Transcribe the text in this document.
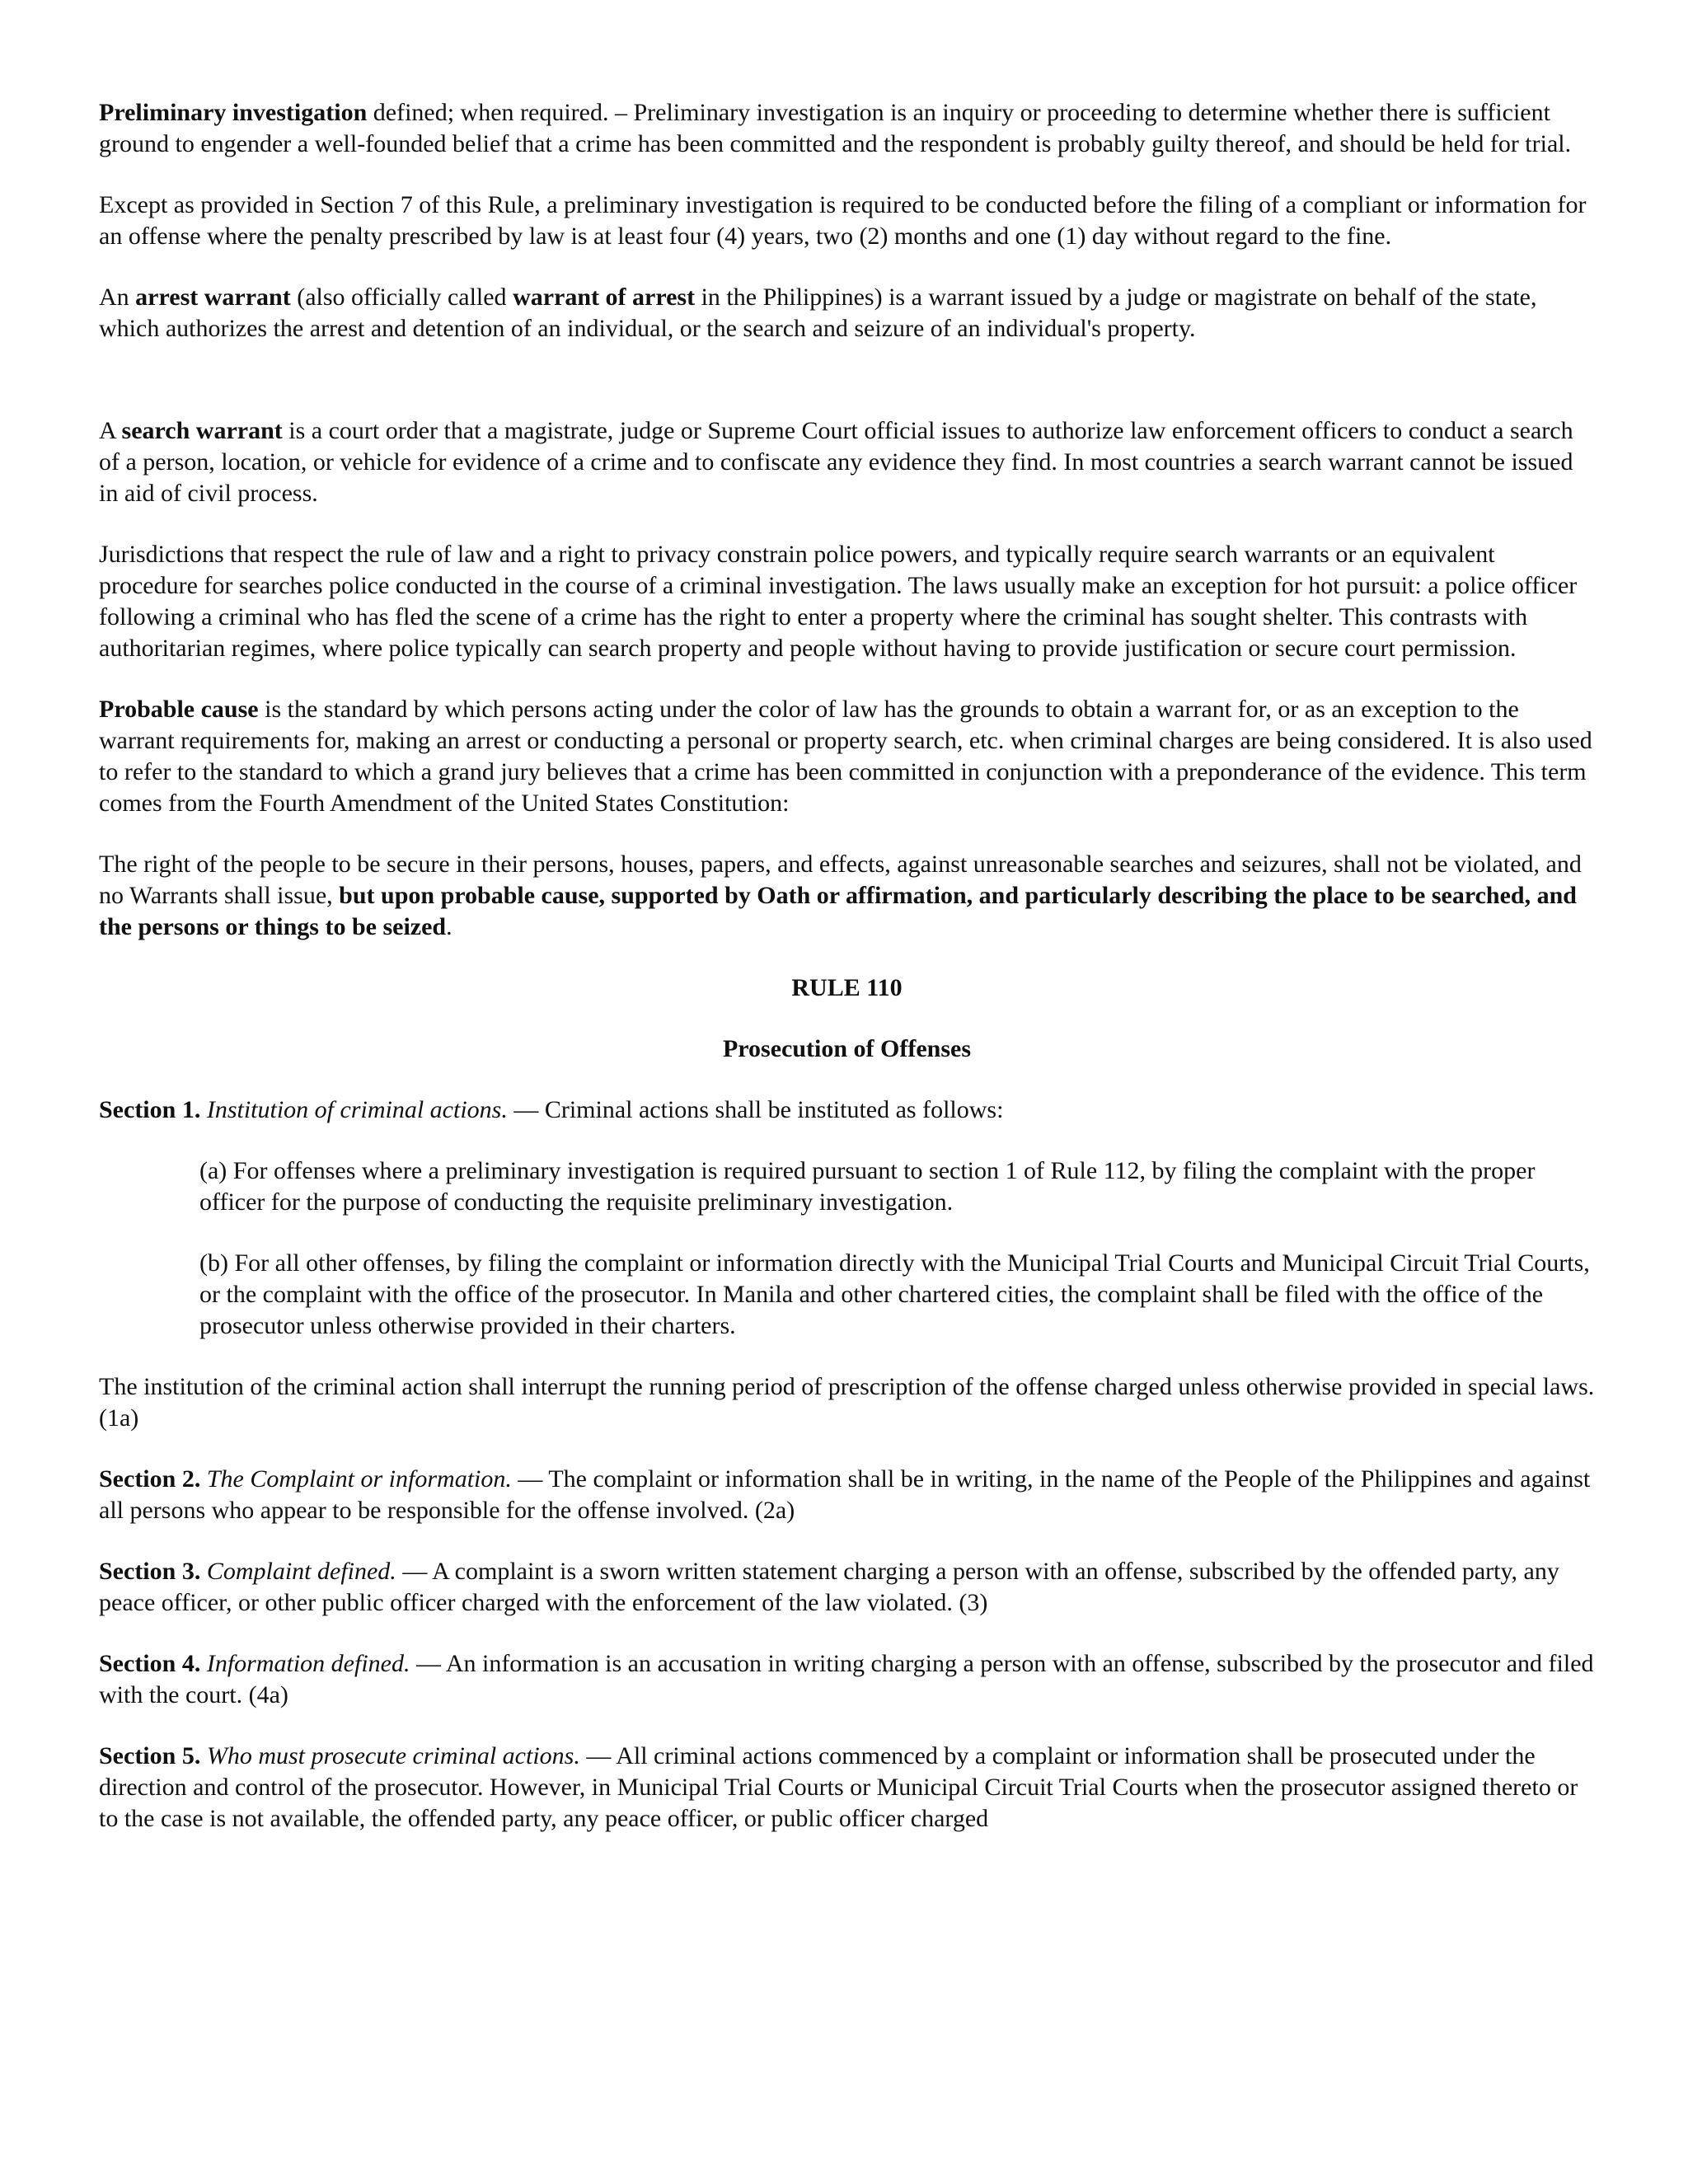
Preliminary investigation defined; when required. – Preliminary investigation is an inquiry or proceeding to determine whether there is sufficient ground to engender a well-founded belief that a crime has been committed and the respondent is probably guilty thereof, and should be held for trial.

Except as provided in Section 7 of this Rule, a preliminary investigation is required to be conducted before the filing of a compliant or information for an offense where the penalty prescribed by law is at least four (4) years, two (2) months and one (1) day without regard to the fine.

An arrest warrant (also officially called warrant of arrest in the Philippines) is a warrant issued by a judge or magistrate on behalf of the state, which authorizes the arrest and detention of an individual, or the search and seizure of an individual's property.

A search warrant is a court order that a magistrate, judge or Supreme Court official issues to authorize law enforcement officers to conduct a search of a person, location, or vehicle for evidence of a crime and to confiscate any evidence they find. In most countries a search warrant cannot be issued in aid of civil process.

Jurisdictions that respect the rule of law and a right to privacy constrain police powers, and typically require search warrants or an equivalent procedure for searches police conducted in the course of a criminal investigation. The laws usually make an exception for hot pursuit: a police officer following a criminal who has fled the scene of a crime has the right to enter a property where the criminal has sought shelter. This contrasts with authoritarian regimes, where police typically can search property and people without having to provide justification or secure court permission.

Probable cause is the standard by which persons acting under the color of law has the grounds to obtain a warrant for, or as an exception to the warrant requirements for, making an arrest or conducting a personal or property search, etc. when criminal charges are being considered. It is also used to refer to the standard to which a grand jury believes that a crime has been committed in conjunction with a preponderance of the evidence. This term comes from the Fourth Amendment of the United States Constitution:

The right of the people to be secure in their persons, houses, papers, and effects, against unreasonable searches and seizures, shall not be violated, and no Warrants shall issue, but upon probable cause, supported by Oath or affirmation, and particularly describing the place to be searched, and the persons or things to be seized.

RULE 110

Prosecution of Offenses

Section 1. Institution of criminal actions. — Criminal actions shall be instituted as follows:

(a) For offenses where a preliminary investigation is required pursuant to section 1 of Rule 112, by filing the complaint with the proper officer for the purpose of conducting the requisite preliminary investigation.

(b) For all other offenses, by filing the complaint or information directly with the Municipal Trial Courts and Municipal Circuit Trial Courts, or the complaint with the office of the prosecutor. In Manila and other chartered cities, the complaint shall be filed with the office of the prosecutor unless otherwise provided in their charters.

The institution of the criminal action shall interrupt the running period of prescription of the offense charged unless otherwise provided in special laws. (1a)

Section 2. The Complaint or information. — The complaint or information shall be in writing, in the name of the People of the Philippines and against all persons who appear to be responsible for the offense involved. (2a)

Section 3. Complaint defined. — A complaint is a sworn written statement charging a person with an offense, subscribed by the offended party, any peace officer, or other public officer charged with the enforcement of the law violated. (3)

Section 4. Information defined. — An information is an accusation in writing charging a person with an offense, subscribed by the prosecutor and filed with the court. (4a)

Section 5. Who must prosecute criminal actions. — All criminal actions commenced by a complaint or information shall be prosecuted under the direction and control of the prosecutor. However, in Municipal Trial Courts or Municipal Circuit Trial Courts when the prosecutor assigned thereto or to the case is not available, the offended party, any peace officer, or public officer charged
